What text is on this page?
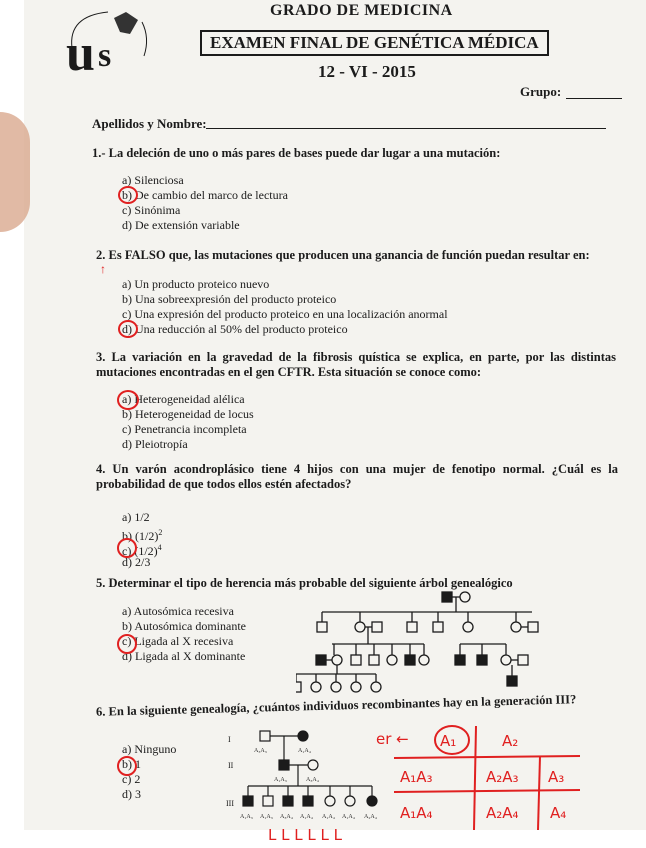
u s
GRADO DE MEDICINA
EXAMEN FINAL DE GENÉTICA MÉDICA
12 - VI - 2015
Grupo:
Apellidos y Nombre:
1.- La deleción de uno o más pares de bases puede dar lugar a una mutación:
a) Silenciosa
b) De cambio del marco de lectura
c) Sinónima
d) De extensión variable
2. Es FALSO que, las mutaciones que producen una ganancia de función puedan resultar en:
↑
a) Un producto proteico nuevo
b) Una sobreexpresión del producto proteico
c) Una expresión del producto proteico en una localización anormal
d) Una reducción al 50% del producto proteico
3. La variación en la gravedad de la fibrosis quística se explica, en parte, por las distintas mutaciones encontradas en el gen CFTR. Esta situación se conoce como:
a) Heterogeneidad alélica
b) Heterogeneidad de locus
c) Penetrancia incompleta
d) Pleiotropía
4. Un varón acondroplásico tiene 4 hijos con una mujer de fenotipo normal. ¿Cuál es la probabilidad de que todos ellos estén afectados?
a) 1/2
b) $(1/2)^2$
c) $(1/2)^4$
d) 2/3
5. Determinar el tipo de herencia más probable del siguiente árbol genealógico
a) Autosómica recesiva
b) Autosómica dominante
c) Ligada al X recesiva
d) Ligada al X dominante
6. En la siguiente genealogía, ¿cuántos individuos recombinantes hay en la generación III?
a) Ninguno
b) 1
c) 2
d) 3
I
II
III
A₃A₃	A₁A₄
A₁A₃	A₃A₄
A₁A₃ A₁A₃ A₃A₄ A₁A₄ A₁A₄ A₁A₄ A₂A₄
er ← A₁	A₂
A₁A₃	A₂A₃ A₃
A₁A₄	A₂A₄ A₄
L L L L L L
